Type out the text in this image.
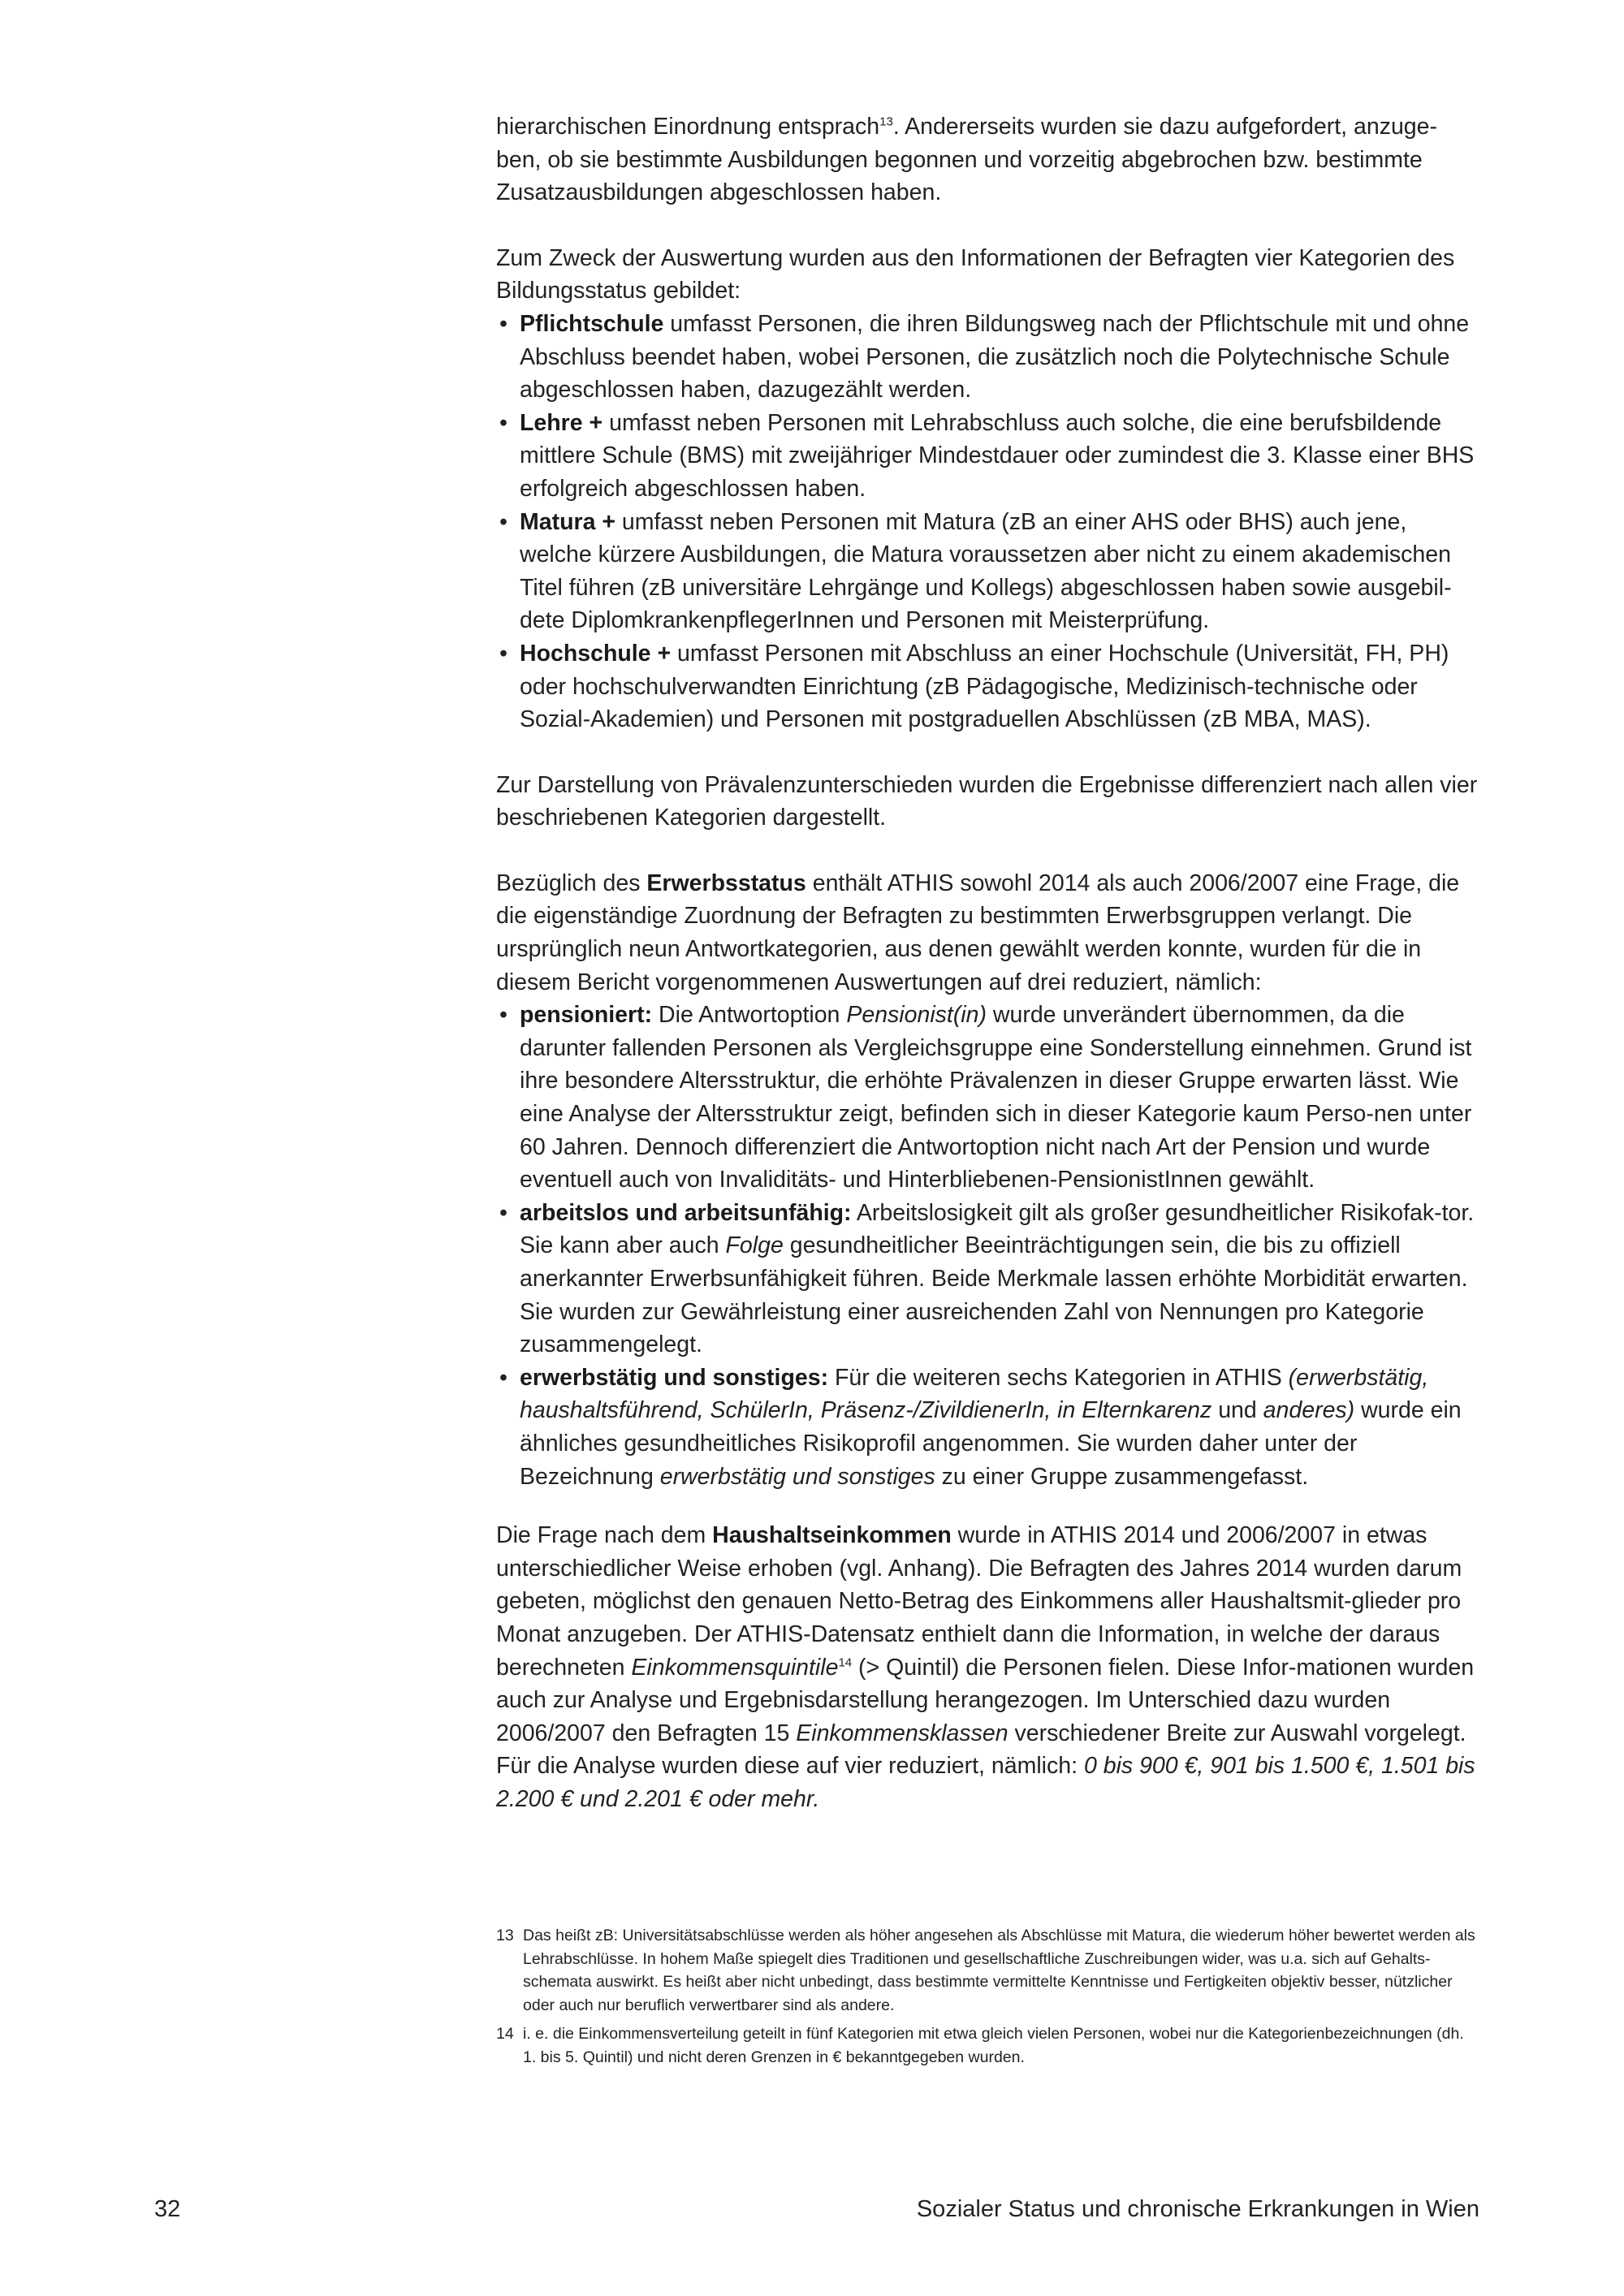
hierarchischen Einordnung entsprach$^{13}$. Andererseits wurden sie dazu aufgefordert, anzuge-ben, ob sie bestimmte Ausbildungen begonnen und vorzeitig abgebrochen bzw. bestimmte Zusatzausbildungen abgeschlossen haben.

Zum Zweck der Auswertung wurden aus den Informationen der Befragten vier Kategorien des Bildungsstatus gebildet:

• Pflichtschule umfasst Personen, die ihren Bildungsweg nach der Pflichtschule mit und ohne Abschluss beendet haben, wobei Personen, die zusätzlich noch die Polytechnische Schule abgeschlossen haben, dazugezählt werden.
• Lehre + umfasst neben Personen mit Lehrabschluss auch solche, die eine berufsbildende mittlere Schule (BMS) mit zweijähriger Mindestdauer oder zumindest die 3. Klasse einer BHS erfolgreich abgeschlossen haben.
• Matura + umfasst neben Personen mit Matura (zB an einer AHS oder BHS) auch jene, welche kürzere Ausbildungen, die Matura voraussetzen aber nicht zu einem akademischen Titel führen (zB universitäre Lehrgänge und Kollegs) abgeschlossen haben sowie ausgebil-dete DiplomkrankenpflegerInnen und Personen mit Meisterprüfung.
• Hochschule + umfasst Personen mit Abschluss an einer Hochschule (Universität, FH, PH) oder hochschulverwandten Einrichtung (zB Pädagogische, Medizinisch-technische oder Sozial-Akademien) und Personen mit postgraduellen Abschlüssen (zB MBA, MAS).

Zur Darstellung von Prävalenzunterschieden wurden die Ergebnisse differenziert nach allen vier beschriebenen Kategorien dargestellt.

Bezüglich des Erwerbsstatus enthält ATHIS sowohl 2014 als auch 2006/2007 eine Frage, die die eigenständige Zuordnung der Befragten zu bestimmten Erwerbsgruppen verlangt. Die ursprünglich neun Antwortkategorien, aus denen gewählt werden konnte, wurden für die in diesem Bericht vorgenommenen Auswertungen auf drei reduziert, nämlich:

• pensioniert: Die Antwortoption Pensionist(in) wurde unverändert übernommen, da die darunter fallenden Personen als Vergleichsgruppe eine Sonderstellung einnehmen. Grund ist ihre besondere Altersstruktur, die erhöhte Prävalenzen in dieser Gruppe erwarten lässt. Wie eine Analyse der Altersstruktur zeigt, befinden sich in dieser Kategorie kaum Perso-nen unter 60 Jahren. Dennoch differenziert die Antwortoption nicht nach Art der Pension und wurde eventuell auch von Invaliditäts- und Hinterbliebenen-PensionistInnen gewählt.
• arbeitslos und arbeitsunfähig: Arbeitslosigkeit gilt als großer gesundheitlicher Risikofak-tor. Sie kann aber auch Folge gesundheitlicher Beeinträchtigungen sein, die bis zu offiziell anerkannter Erwerbsunfähigkeit führen. Beide Merkmale lassen erhöhte Morbidität erwarten. Sie wurden zur Gewährleistung einer ausreichenden Zahl von Nennungen pro Kategorie zusammengelegt.
• erwerbstätig und sonstiges: Für die weiteren sechs Kategorien in ATHIS (erwerbstätig, haushaltsführend, SchülerIn, Präsenz-/ZivildienerIn, in Elternkarenz und anderes) wurde ein ähnliches gesundheitliches Risikoprofil angenommen. Sie wurden daher unter der Bezeichnung erwerbstätig und sonstiges zu einer Gruppe zusammengefasst.

Die Frage nach dem Haushaltseinkommen wurde in ATHIS 2014 und 2006/2007 in etwas unterschiedlicher Weise erhoben (vgl. Anhang). Die Befragten des Jahres 2014 wurden darum gebeten, möglichst den genauen Netto-Betrag des Einkommens aller Haushaltsmit-glieder pro Monat anzugeben. Der ATHIS-Datensatz enthielt dann die Information, in welche der daraus berechneten Einkommensquintile$^{14}$ (> Quintil) die Personen fielen. Diese Infor-mationen wurden auch zur Analyse und Ergebnisdarstellung herangezogen. Im Unterschied dazu wurden 2006/2007 den Befragten 15 Einkommensklassen verschiedener Breite zur Auswahl vorgelegt. Für die Analyse wurden diese auf vier reduziert, nämlich: 0 bis 900 €, 901 bis 1.500 €, 1.501 bis 2.200 € und 2.201 € oder mehr.

13 Das heißt zB: Universitätsabschlüsse werden als höher angesehen als Abschlüsse mit Matura, die wiederum höher bewertet werden als Lehrabschlüsse. In hohem Maße spiegelt dies Traditionen und gesellschaftliche Zuschreibungen wider, was u.a. sich auf Gehalts-schemata auswirkt. Es heißt aber nicht unbedingt, dass bestimmte vermittelte Kenntnisse und Fertigkeiten objektiv besser, nützlicher oder auch nur beruflich verwertbarer sind als andere.
14 i. e. die Einkommensverteilung geteilt in fünf Kategorien mit etwa gleich vielen Personen, wobei nur die Kategorienbezeichnungen (dh. 1. bis 5. Quintil) und nicht deren Grenzen in € bekanntgegeben wurden.
32	Sozialer Status und chronische Erkrankungen in Wien
